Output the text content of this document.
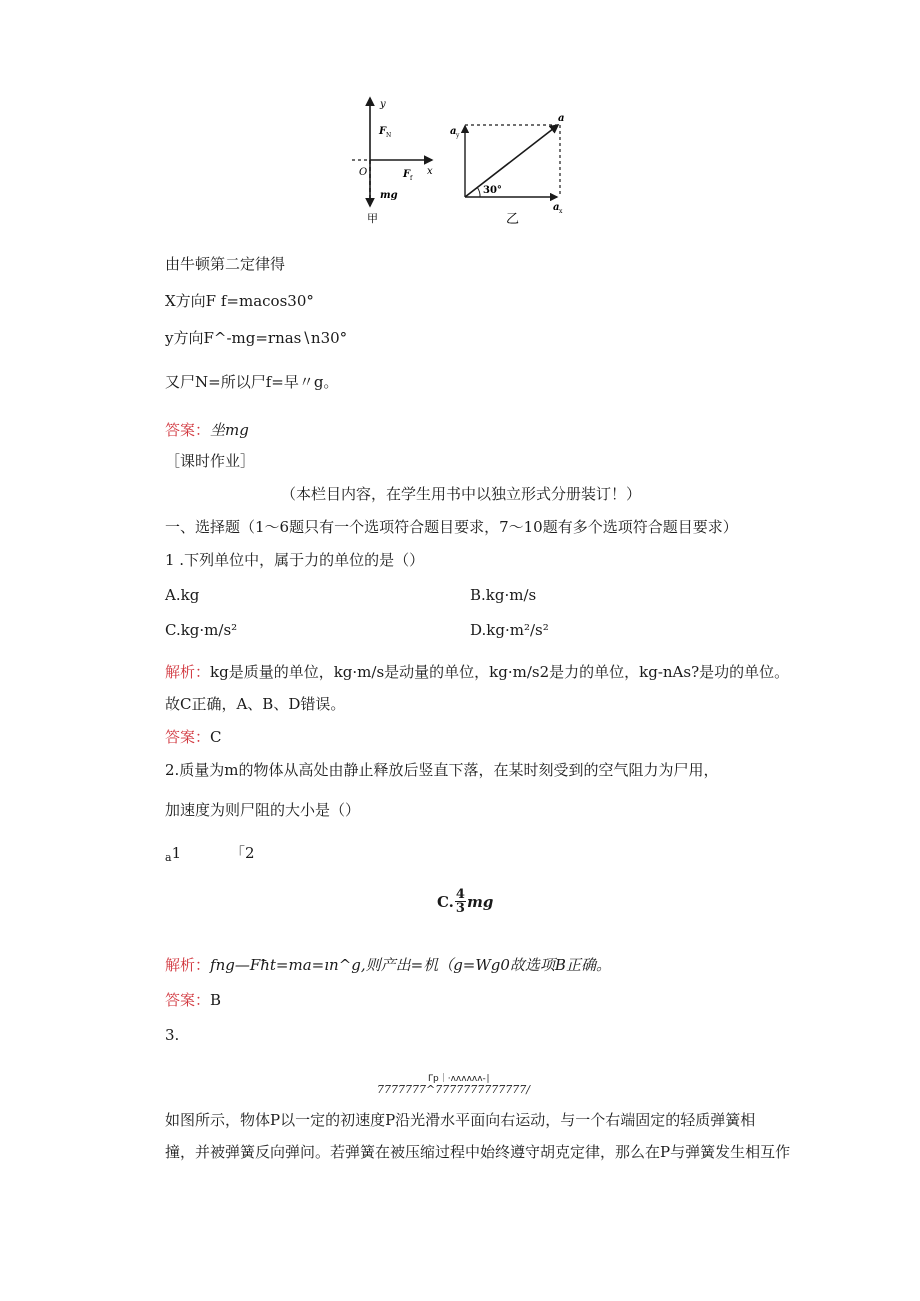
y
x
O
F N
F f
mg
甲
a
a y
a x
30°
乙
由牛顿第二定律得
X方向F f=macos30°
y方向F^-mg=rnas∖n30°
又尸N=所以尸f=早〃g。
答案：坐mg
［课时作业］
（本栏目内容，在学生用书中以独立形式分册装订！）
一、选择题（1～6题只有一个选项符合题目要求，7～10题有多个选项符合题目要求）
1 .下列单位中，属于力的单位的是（）
A.kg	B.kg·m∕s
C.kg·m∕s²	D.kg·m²∕s²
解析：kg是质量的单位，kg·m∕s是动量的单位，kg·m∕s2是力的单位，kg-nAs?是功的单位。
故C正确，A、B、D错误。
答案：C
2.质量为m的物体从高处由静止释放后竖直下落，在某时刻受到的空气阻力为尸用，
加速度为则尸阻的大小是（）
$_a$1	「2
C. $\frac{4}{3}$ mg
解析：fng—Fħt=ma=ın^g,则产出=机（g=Wg0故选项B正确。
答案：B
3.
Γp｜·ʌʌʌʌʌʌ-∣
7777777^7777777777777/
如图所示，物体P以一定的初速度P沿光滑水平面向右运动，与一个右端固定的轻质弹簧相
撞，并被弹簧反向弹问。若弹簧在被压缩过程中始终遵守胡克定律，那么在P与弹簧发生相互作
